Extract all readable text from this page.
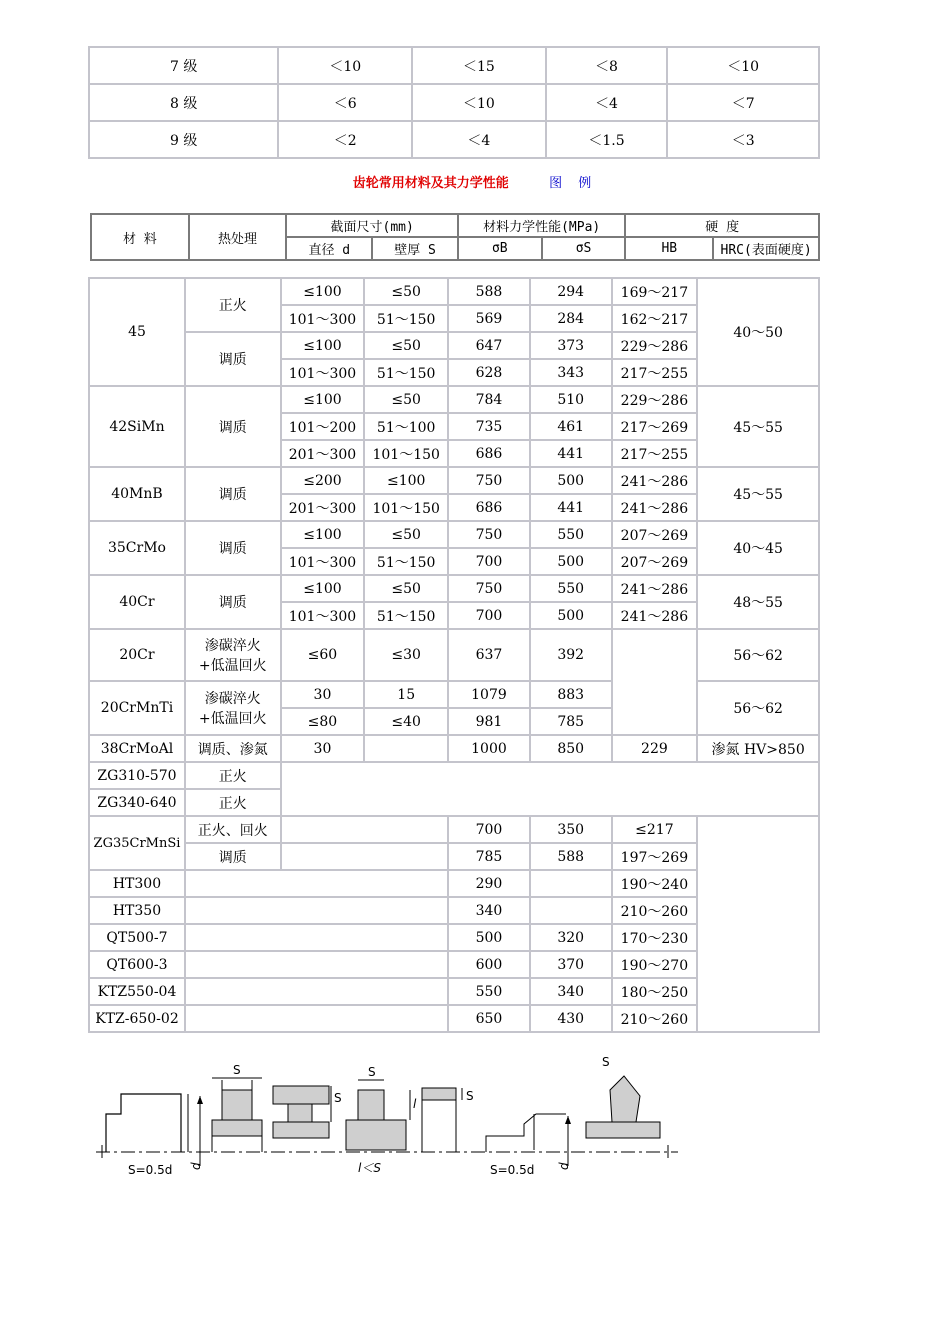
7 级	＜10	＜15	＜8	＜10
8 级	＜6	＜10	＜4	＜7
9 级	＜2	＜4	＜1.5	＜3
齿轮常用材料及其力学性能	图 例
材 料	热处理	截面尺寸(mm)		材料力学性能(MPa)		硬 度	
		直径 d	壁厚 S	σB	σS	HB	HRC(表面硬度)
45	正火	≤100	≤50	588	294	169～217	40～50
		101～300	51～150	569	284	162～217	
	调质	≤100	≤50	647	373	229～286	
		101～300	51～150	628	343	217～255	
42SiMn	调质	≤100	≤50	784	510	229～286	45～55
		101～200	51～100	735	461	217～269	
		201～300	101～150	686	441	217～255	
40MnB	调质	≤200	≤100	750	500	241～286	45～55
		201～300	101～150	686	441	241～286	
35CrMo	调质	≤100	≤50	750	550	207～269	40～45
		101～300	51～150	700	500	207～269	
40Cr	调质	≤100	≤50	750	550	241～286	48～55
		101～300	51～150	700	500	241～286	
20Cr	渗碳淬火
+低温回火	≤60	≤30	637	392		56～62
20CrMnTi	渗碳淬火
+低温回火	30	15	1079	883		56～62
		≤80	≤40	981	785		
38CrMoAl	调质、渗氮	30		1000	850	229	渗氮 HV>850
ZG310-570	正火						
ZG340-640	正火						
ZG35CrMnSi	正火、回火			700	350	≤217	
	调质			785	588	197～269	
HT300				290		190～240	
HT350				340		210～260	
QT500-7				500	320	170～230	
QT600-3				600	370	190～270	
KTZ550-04				550	340	180～250	
KTZ-650-02				650	430	210～260	
S=0.5d d
S
S
S
l
l＜S
S
S=0.5d d
S
